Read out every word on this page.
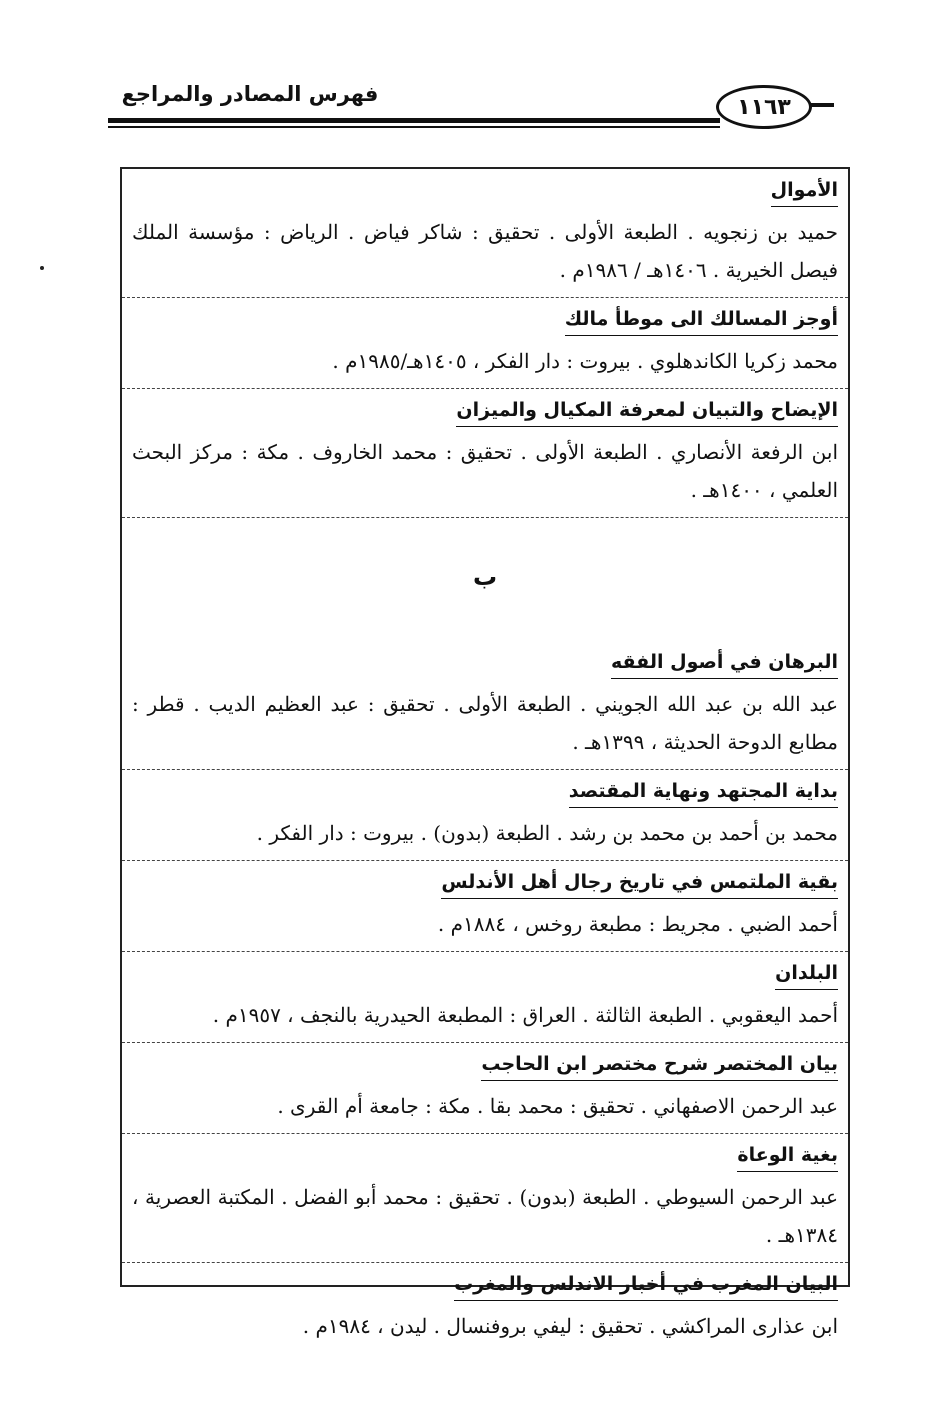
فهرس المصادر والمراجع
١١٦٣
الأموال
حميد بن زنجويه . الطبعة الأولى . تحقيق : شاكر فياض . الرياض : مؤسسة الملك فيصل الخيرية . ١٤٠٦هـ / ١٩٨٦م .
أوجز المسالك الى موطأ مالك
محمد زكريا الكاندهلوي . بيروت : دار الفكر ، ١٤٠٥هـ/١٩٨٥م .
الإيضاح والتبيان لمعرفة المكيال والميزان
ابن الرفعة الأنصاري . الطبعة الأولى . تحقيق : محمد الخاروف . مكة : مركز البحث العلمي ، ١٤٠٠هـ .
ب
البرهان في أصول الفقه
عبد الله بن عبد الله الجويني . الطبعة الأولى . تحقيق : عبد العظيم الديب . قطر : مطابع الدوحة الحديثة ، ١٣٩٩هـ .
بداية المجتهد ونهاية المقتصد
محمد بن أحمد بن محمد بن رشد . الطبعة (بدون) . بيروت : دار الفكر .
بقية الملتمس في تاريخ رجال أهل الأندلس
أحمد الضبي . مجريط : مطبعة روخس ، ١٨٨٤م .
البلدان
أحمد اليعقوبي . الطبعة الثالثة . العراق : المطبعة الحيدرية بالنجف ، ١٩٥٧م .
بيان المختصر شرح مختصر ابن الحاجب
عبد الرحمن الاصفهاني . تحقيق : محمد بقا . مكة : جامعة أم القرى .
بغية الوعاة
عبد الرحمن السيوطي . الطبعة (بدون) . تحقيق : محمد أبو الفضل . المكتبة العصرية ، ١٣٨٤هـ .
البيان المغرب في أخبار الاندلس والمغرب
ابن عذارى المراكشي . تحقيق : ليفي بروفنسال . ليدن ، ١٩٨٤م .
